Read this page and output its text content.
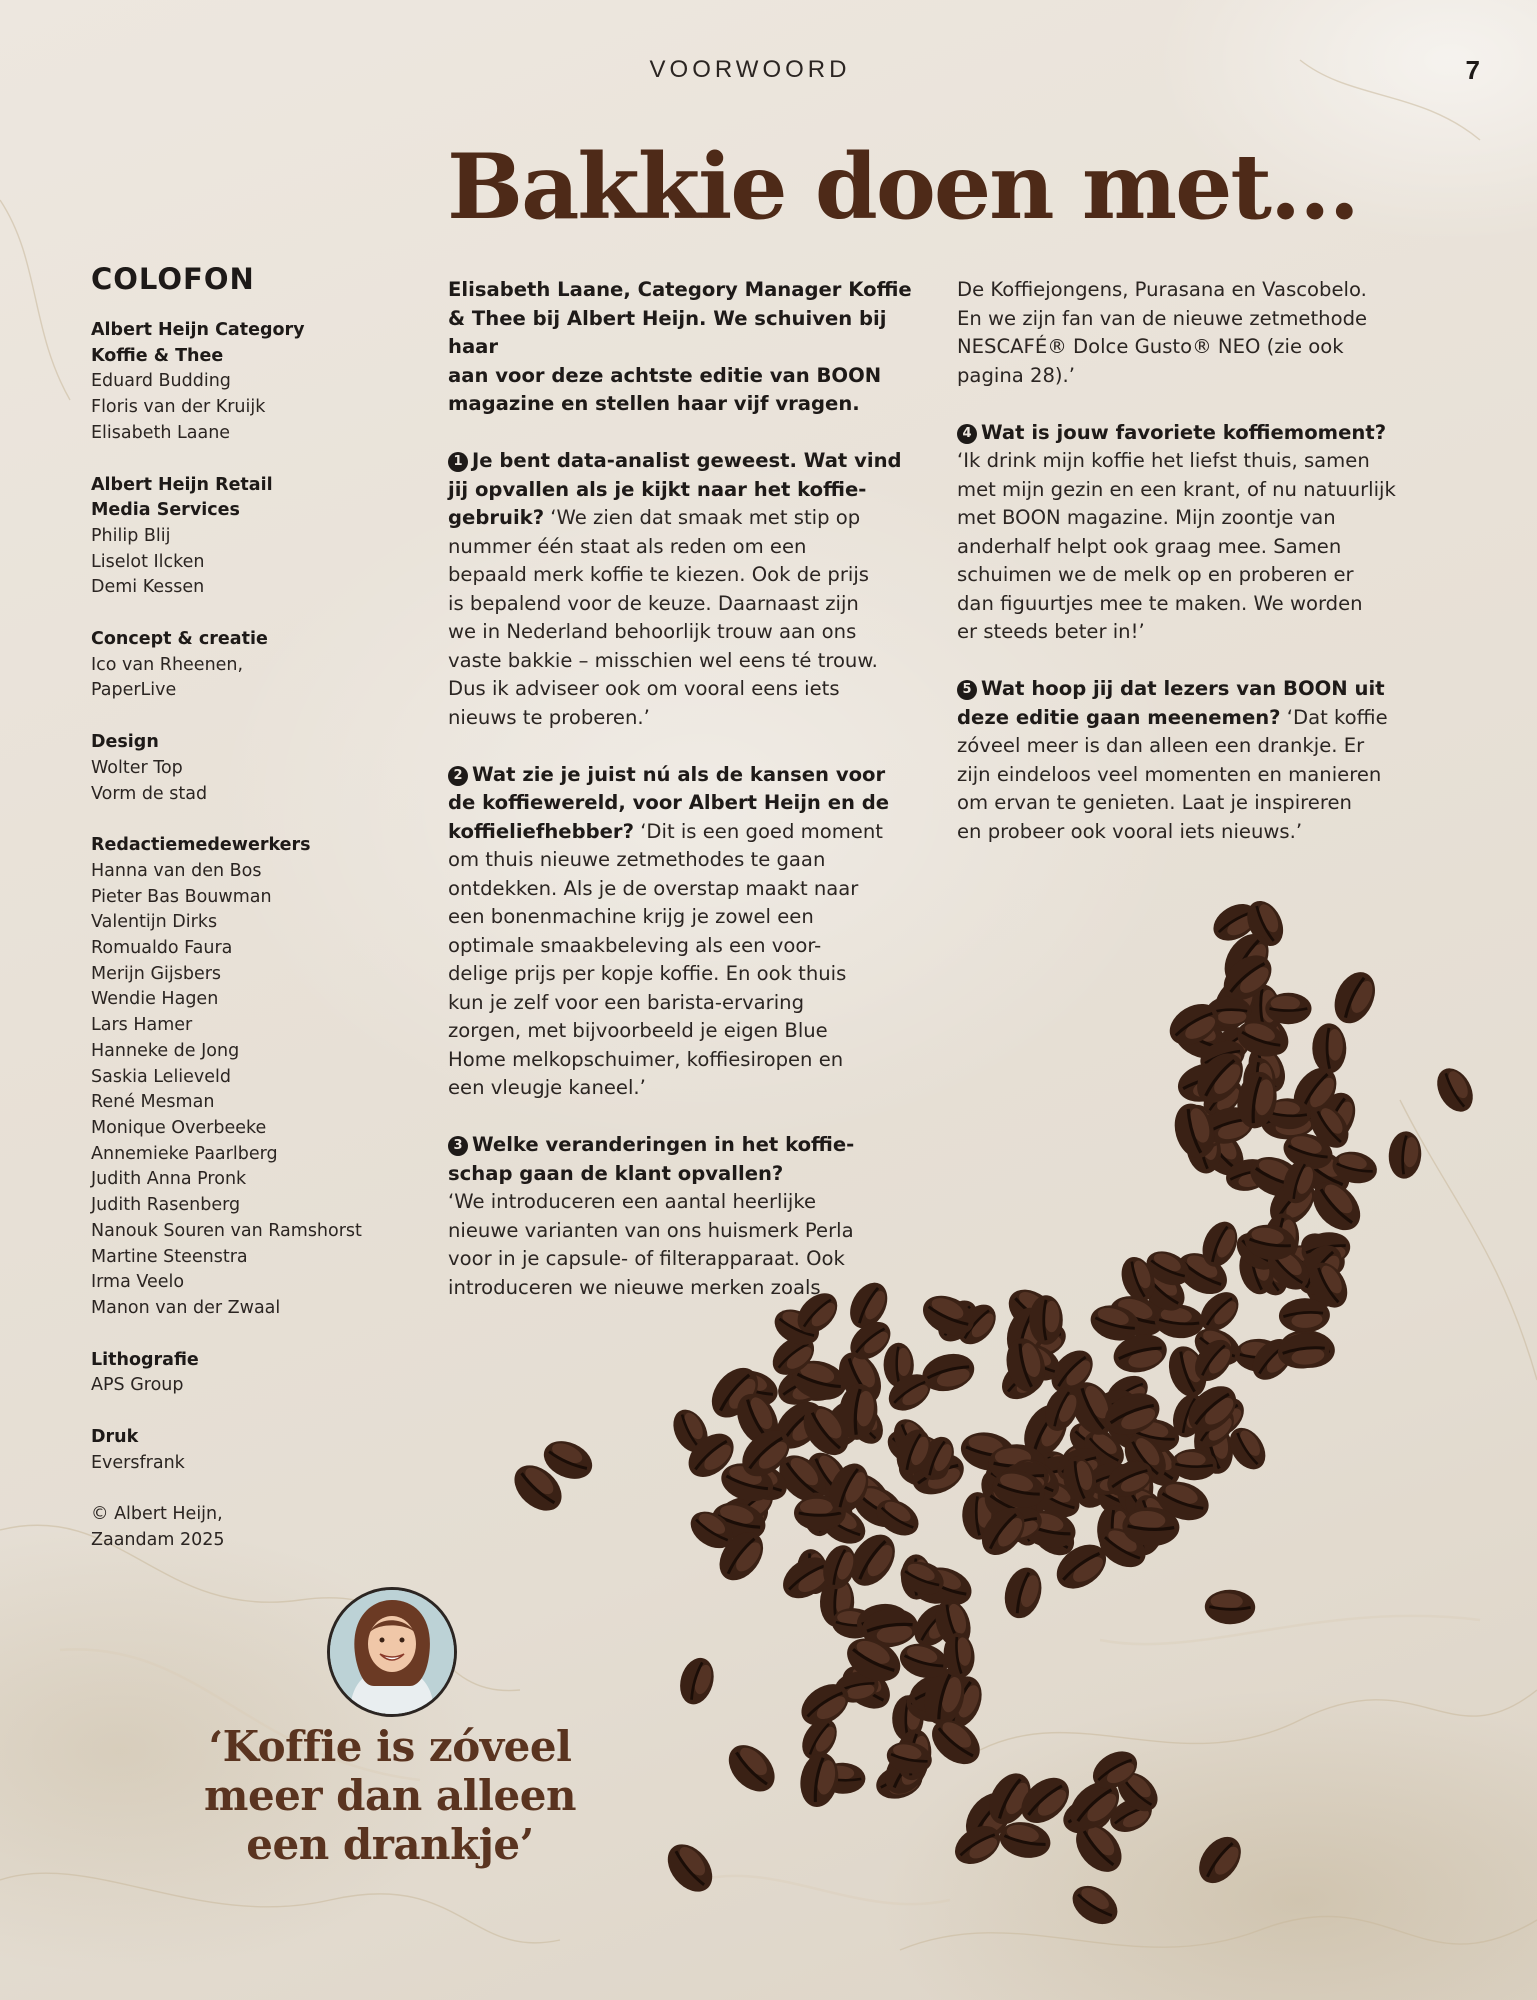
VOORWOORD	7
Bakkie doen met...
COLOFON
Albert Heijn Category
Koffie & Thee
Eduard Budding
Floris van der Kruijk
Elisabeth Laane
Albert Heijn Retail
Media Services
Philip Blij
Liselot Ilcken
Demi Kessen
Concept & creatie
Ico van Rheenen,
PaperLive
Design
Wolter Top
Vorm de stad
Redactiemedewerkers
Hanna van den Bos
Pieter Bas Bouwman
Valentijn Dirks
Romualdo Faura
Merijn Gijsbers
Wendie Hagen
Lars Hamer
Hanneke de Jong
Saskia Lelieveld
René Mesman
Monique Overbeeke
Annemieke Paarlberg
Judith Anna Pronk
Judith Rasenberg
Nanouk Souren van Ramshorst
Martine Steenstra
Irma Veelo
Manon van der Zwaal
Lithografie
APS Group
Druk
Eversfrank
© Albert Heijn,
Zaandam 2025

Elisabeth Laane, Category Manager Koffie
& Thee bij Albert Heijn. We schuiven bij haar
aan voor deze achtste editie van BOON
magazine en stellen haar vijf vragen.

1 Je bent data-analist geweest. Wat vind
jij opvallen als je kijkt naar het koffie-
gebruik? ‘We zien dat smaak met stip op
nummer één staat als reden om een
bepaald merk koffie te kiezen. Ook de prijs
is bepalend voor de keuze. Daarnaast zijn
we in Nederland behoorlijk trouw aan ons
vaste bakkie – misschien wel eens té trouw.
Dus ik adviseer ook om vooral eens iets
nieuws te proberen.’

2 Wat zie je juist nú als de kansen voor
de koffiewereld, voor Albert Heijn en de
koffieliefhebber? ‘Dit is een goed moment
om thuis nieuwe zetmethodes te gaan
ontdekken. Als je de overstap maakt naar
een bonenmachine krijg je zowel een
optimale smaakbeleving als een voor-
delige prijs per kopje koffie. En ook thuis
kun je zelf voor een barista-ervaring
zorgen, met bijvoorbeeld je eigen Blue
Home melkopschuimer, koffiesiropen en
een vleugje kaneel.’

3 Welke veranderingen in het koffie-
schap gaan de klant opvallen?
‘We introduceren een aantal heerlijke
nieuwe varianten van ons huismerk Perla
voor in je capsule- of filterapparaat. Ook
introduceren we nieuwe merken zoals

De Koffiejongens, Purasana en Vascobelo.
En we zijn fan van de nieuwe zetmethode
NESCAFÉ® Dolce Gusto® NEO (zie ook
pagina 28).’

4 Wat is jouw favoriete koffiemoment?
‘Ik drink mijn koffie het liefst thuis, samen
met mijn gezin en een krant, of nu natuurlijk
met BOON magazine. Mijn zoontje van
anderhalf helpt ook graag mee. Samen
schuimen we de melk op en proberen er
dan figuurtjes mee te maken. We worden
er steeds beter in!’

5 Wat hoop jij dat lezers van BOON uit
deze editie gaan meenemen? ‘Dat koffie
zóveel meer is dan alleen een drankje. Er
zijn eindeloos veel momenten en manieren
om ervan te genieten. Laat je inspireren
en probeer ook vooral iets nieuws.’

‘Koffie is zóveel
meer dan alleen
een drankje’
